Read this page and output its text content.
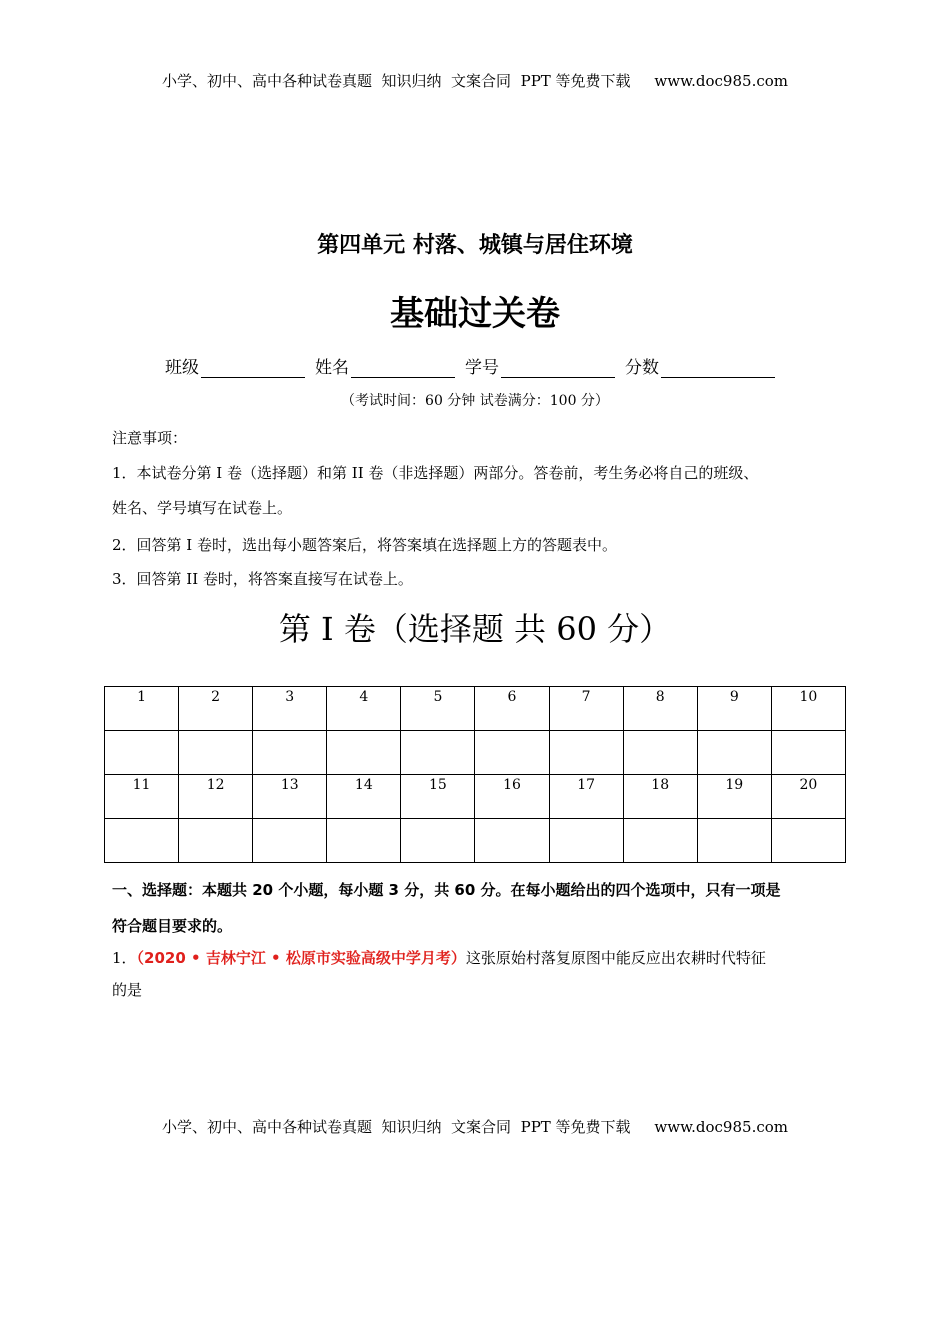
小学、初中、高中各种试卷真题  知识归纳  文案合同  PPT 等免费下载     www.doc985.com
第四单元 村落、城镇与居住环境
基础过关卷
班级	姓名	学号	分数
（考试时间：60 分钟 试卷满分：100 分）
注意事项：
1．本试卷分第 I 卷（选择题）和第 II 卷（非选择题）两部分。答卷前，考生务必将自己的班级、
姓名、学号填写在试卷上。
2．回答第 I 卷时，选出每小题答案后，将答案填在选择题上方的答题表中。
3．回答第 II 卷时，将答案直接写在试卷上。
第 I 卷（选择题 共 60 分）
1	2	3	4	5	6	7	8	9	10

11	12	13	14	15	16	17	18	19	20

一、选择题：本题共 20 个小题，每小题 3 分，共 60 分。在每小题给出的四个选项中，只有一项是
符合题目要求的。
1．（2020 • 吉林宁江 • 松原市实验高级中学月考）这张原始村落复原图中能反应出农耕时代特征
的是
小学、初中、高中各种试卷真题  知识归纳  文案合同  PPT 等免费下载     www.doc985.com
